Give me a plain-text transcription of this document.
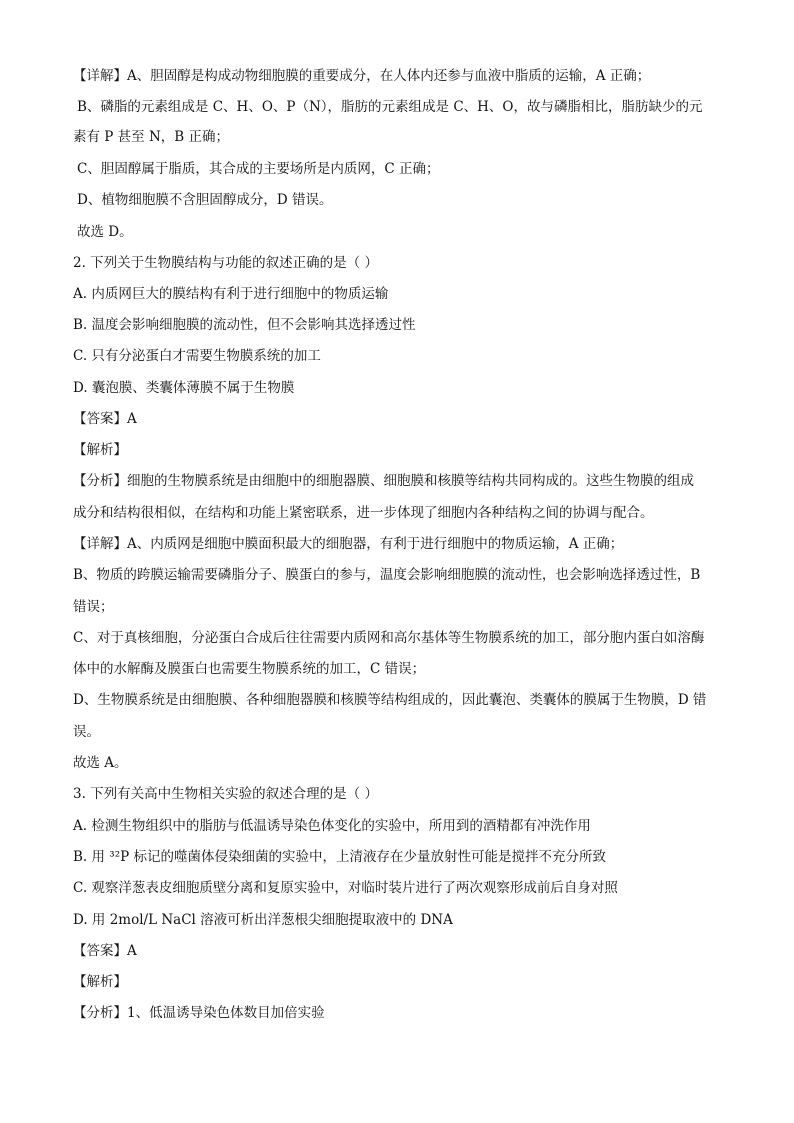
【详解】A、胆固醇是构成动物细胞膜的重要成分，在人体内还参与血液中脂质的运输，A 正确；
B、磷脂的元素组成是 C、H、O、P（N），脂肪的元素组成是 C、H、O，故与磷脂相比，脂肪缺少的元
素有 P 甚至 N，B 正确；
C、胆固醇属于脂质，其合成的主要场所是内质网，C 正确；
D、植物细胞膜不含胆固醇成分，D 错误。
故选 D。
2. 下列关于生物膜结构与功能的叙述正确的是（ ）
A. 内质网巨大的膜结构有利于进行细胞中的物质运输
B. 温度会影响细胞膜的流动性，但不会影响其选择透过性
C. 只有分泌蛋白才需要生物膜系统的加工
D. 囊泡膜、类囊体薄膜不属于生物膜
【答案】A
【解析】
【分析】细胞的生物膜系统是由细胞中的细胞器膜、细胞膜和核膜等结构共同构成的。这些生物膜的组成
成分和结构很相似，在结构和功能上紧密联系，进一步体现了细胞内各种结构之间的协调与配合。
【详解】A、内质网是细胞中膜面积最大的细胞器，有利于进行细胞中的物质运输，A 正确；
B、物质的跨膜运输需要磷脂分子、膜蛋白的参与，温度会影响细胞膜的流动性，也会影响选择透过性，B
错误；
C、对于真核细胞，分泌蛋白合成后往往需要内质网和高尔基体等生物膜系统的加工，部分胞内蛋白如溶酶
体中的水解酶及膜蛋白也需要生物膜系统的加工，C 错误；
D、生物膜系统是由细胞膜、各种细胞器膜和核膜等结构组成的，因此囊泡、类囊体的膜属于生物膜，D 错
误。
故选 A。
3. 下列有关高中生物相关实验的叙述合理的是（ ）
A. 检测生物组织中的脂肪与低温诱导染色体变化的实验中，所用到的酒精都有冲洗作用
B. 用 ³²P 标记的噬菌体侵染细菌的实验中，上清液存在少量放射性可能是搅拌不充分所致
C. 观察洋葱表皮细胞质壁分离和复原实验中，对临时装片进行了两次观察形成前后自身对照
D. 用 2mol/L NaCl 溶液可析出洋葱根尖细胞提取液中的 DNA
【答案】A
【解析】
【分析】1、低温诱导染色体数目加倍实验
